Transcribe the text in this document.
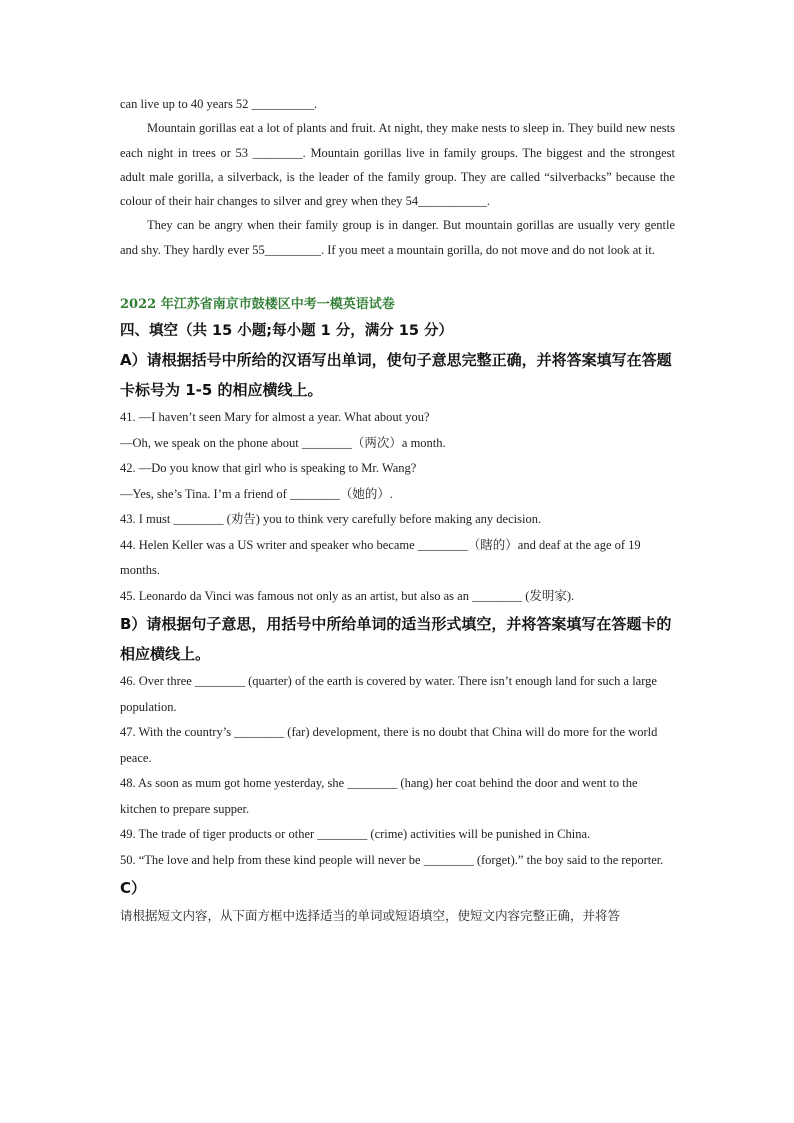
can live up to 40 years 52 __________.

Mountain gorillas eat a lot of plants and fruit. At night, they make nests to sleep in. They build new nests each night in trees or 53 ________. Mountain gorillas live in family groups. The biggest and the strongest adult male gorilla, a silverback, is the leader of the family group. They are called “silverbacks” because the colour of their hair changes to silver and grey when they 54___________.

They can be angry when their family group is in danger. But mountain gorillas are usually very gentle and shy. They hardly ever 55_________. If you meet a mountain gorilla, do not move and do not look at it.

2022 年江苏省南京市鼓楼区中考一模英语试卷

四、填空（共 15 小题;每小题 1 分，满分 15 分）

A）请根据括号中所给的汉语写出单词，使句子意思完整正确，并将答案填写在答题卡标号为 1-5 的相应横线上。

41. —I haven’t seen Mary for almost a year. What about you?

—Oh, we speak on the phone about ________（两次）a month.

42. —Do you know that girl who is speaking to Mr. Wang?

—Yes, she’s Tina. I’m a friend of ________（她的）.

43. I must ________ (劝告) you to think very carefully before making any decision.

44. Helen Keller was a US writer and speaker who became ________（瞎的）and deaf at the age of 19 months.

45. Leonardo da Vinci was famous not only as an artist, but also as an ________ (发明家).

B）请根据句子意思，用括号中所给单词的适当形式填空，并将答案填写在答题卡的相应横线上。

46. Over three ________ (quarter) of the earth is covered by water. There isn’t enough land for such a large population.

47. With the country’s ________ (far) development, there is no doubt that China will do more for the world peace.

48. As soon as mum got home yesterday, she ________ (hang) her coat behind the door and went to the kitchen to prepare supper.

49. The trade of tiger products or other ________ (crime) activities will be punished in China.

50. “The love and help from these kind people will never be ________ (forget).” the boy said to the reporter.

C）

请根据短文内容，从下面方框中选择适当的单词或短语填空，使短文内容完整正确，并将答
